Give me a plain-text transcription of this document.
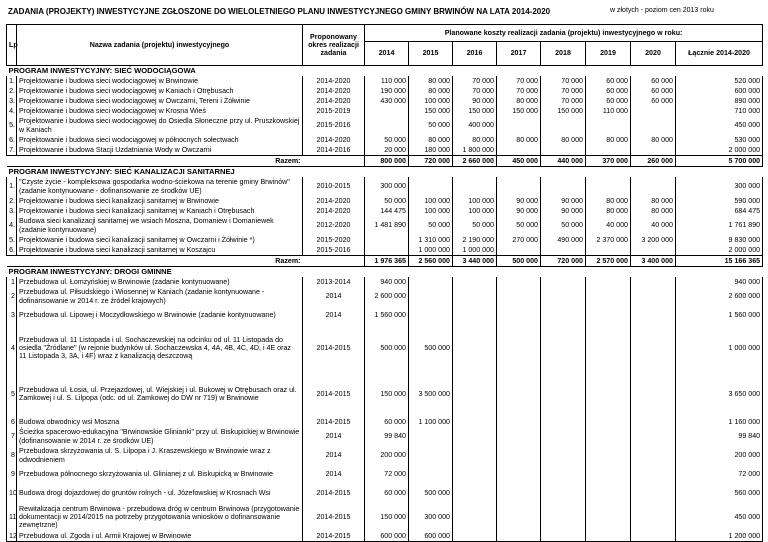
ZADANIA (PROJEKTY) INWESTYCYJNE ZGŁOSZONE DO WIELOLETNIEGO PLANU INWESTYCYJNEGO GMINY BRWINÓW NA LATA 2014-2020	w złotych - poziom cen 2013 roku
Lp	Nazwa zadania (projektu) inwestycyjnego	Proponowany okres realizacji zadania	Planowane koszty realizacji zadania (projektu) inwestycyjnego w roku:							
			2014	2015	2016	2017	2018	2019	2020	Łącznie 2014-2020
PROGRAM INWESTYCYJNY: SIEĆ WODOCIĄGOWA										
1.	Projektowanie i budowa sieci wodociągowej w Brwinowie	2014-2020	110 000	80 000	70 000	70 000	70 000	60 000	60 000	520 000
2.	Projektowanie i budowa sieci wodociągowej w Kaniach i Otrębusach	2014-2020	190 000	80 000	70 000	70 000	70 000	60 000	60 000	600 000
3.	Projektowanie i budowa sieci wodociągowej w Owczarni, Tereni i Żółwinie	2014-2020	430 000	100 000	90 000	80 000	70 000	60 000	60 000	890 000
4.	Projektowanie i budowa sieci wodociągowej w Krosna Wieś	2015-2019		150 000	150 000	150 000	150 000	110 000		710 000
5.	Projektowanie i budowa sieci wodociągowej do Osiedla Słoneczne przy ul. Pruszkowskiej w Kaniach	2015-2016		50 000	400 000					450 000
6.	Projektowanie i budowa sieci wodociągowej w północnych sołectwach	2014-2020	50 000	80 000	80 000	80 000	80 000	80 000	80 000	530 000
7.	Projektowanie i budowa Stacji Uzdatniania Wody w Owczarni	2014-2016	20 000	180 000	1 800 000					2 000 000
Razem:			800 000	720 000	2 660 000	450 000	440 000	370 000	260 000	5 700 000
PROGRAM INWESTYCYJNY: SIEĆ KANALIZACJI SANITARNEJ										
1.	"Czyste życie - kompleksowa gospodarka wodno-ściekowa na terenie gminy Brwinów" (zadanie kontynuowane - dofinansowanie ze środków UE)	2010-2015	300 000							300 000
2.	Projektowanie i budowa sieci kanalizacji sanitarnej w Brwinowie	2014-2020	50 000	100 000	100 000	90 000	90 000	80 000	80 000	590 000
3.	Projektowanie i budowa sieci kanalizacji sanitarnej w Kaniach i Otrębusach	2014-2020	144 475	100 000	100 000	90 000	90 000	80 000	80 000	684 475
4.	Budowa sieci kanalizacji sanitarnej we wsiach Moszna, Domaniew i Domaniewek (zadanie kontynuowane)	2012-2020	1 481 890	50 000	50 000	50 000	50 000	40 000	40 000	1 761 890
5.	Projektowanie i budowa sieci kanalizacji sanitarnej w Owczarni i Żółwinie *)	2015-2020		1 310 000	2 190 000	270 000	490 000	2 370 000	3 200 000	9 830 000
6.	Projektowanie i budowa sieci kanalizacji sanitarnej w Koszajcu	2015-2016		1 000 000	1 000 000					2 000 000
Razem:			1 976 365	2 560 000	3 440 000	500 000	720 000	2 570 000	3 400 000	15 166 365
PROGRAM INWESTYCYJNY: DROGI GMINNE										
1	Przebudowa ul. Łomżyńskiej w Brwinowie (zadanie kontynuowane)	2013-2014	940 000							940 000
2	Przebudowa ul. Piłsudskiego i Wiosennej w Kaniach (zadanie kontynuowane - dofinansowanie w 2014 r. ze źródeł krajowych)	2014	2 600 000							2 600 000
3	Przebudowa ul. Lipowej i Moczydłowskiego w Brwinowie (zadanie kontynuowane)	2014	1 560 000							1 560 000
4	Przebudowa ul. 11 Listopada i ul. Sochaczewskiej na odcinku od ul. 11 Listopada do osiedla "Źródlane" (w rejonie budynków ul. Sochaczewska 4, 4A, 4B, 4C, 4D, i 4E oraz 11 Listopada 3, 3A, i 4F) wraz z kanalizacją deszczową	2014-2015	500 000	500 000						1 000 000
5	Przebudowa ul. Łosia, ul. Przejazdowej, ul. Wiejskiej i ul. Bukowej w Otrębusach oraz ul. Zamkowej i ul. S. Lilpopa (odc. od ul. Zamkowej do DW nr 719) w Brwinowie	2014-2015	150 000	3 500 000						3 650 000
6	Budowa obwodnicy wsi Moszna	2014-2015	60 000	1 100 000						1 160 000
7	Ścieżka spacerowo-edukacyjna "Brwinowskie Glinianki" przy ul. Biskupickiej w Brwinowie (dofinansowanie w 2014 r. ze środków UE)	2014	99 840							99 840
8	Przebudowa skrzyżowania ul. S. Lilpopa i J. Kraszewskiego w Brwinowie wraz z odwodnieniem	2014	200 000							200 000
9	Przebudowa północnego skrzyżowania ul. Glinianej z ul. Biskupicką w Brwinowie	2014	72 000							72 000
10	Budowa drogi dojazdowej do gruntów rolnych - ul. Józefowskiej w Krosnach Wsi	2014-2015	60 000	500 000						560 000
11	Rewitalizacja centrum Brwinowa - przebudowa dróg w centrum Brwinowa (przygotowanie dokumentacji w 2014/2015 na potrzeby przygotowania wniosków o dofinansowanie zewnętrzne)	2014-2015	150 000	300 000						450 000
12	Przebudowa ul. Zgoda i ul. Armii Krajowej w Brwinowie	2014-2015	600 000	600 000						1 200 000
